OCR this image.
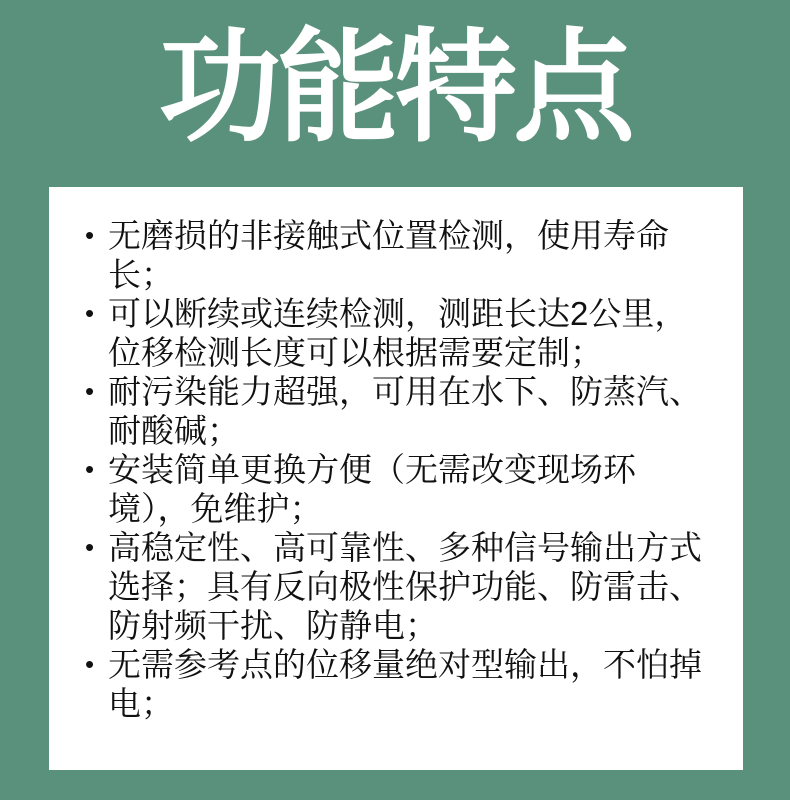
功能特点
• 无磨损的非接触式位置检测，使用寿命
长；
• 可以断续或连续检测，测距长达2公里，
位移检测长度可以根据需要定制；
• 耐污染能力超强，可用在水下、防蒸汽、
耐酸碱；
• 安装简单更换方便（无需改变现场环
境），免维护；
• 高稳定性、高可靠性、多种信号输出方式
选择；具有反向极性保护功能、防雷击、
防射频干扰、防静电；
• 无需参考点的位移量绝对型输出，不怕掉
电；
